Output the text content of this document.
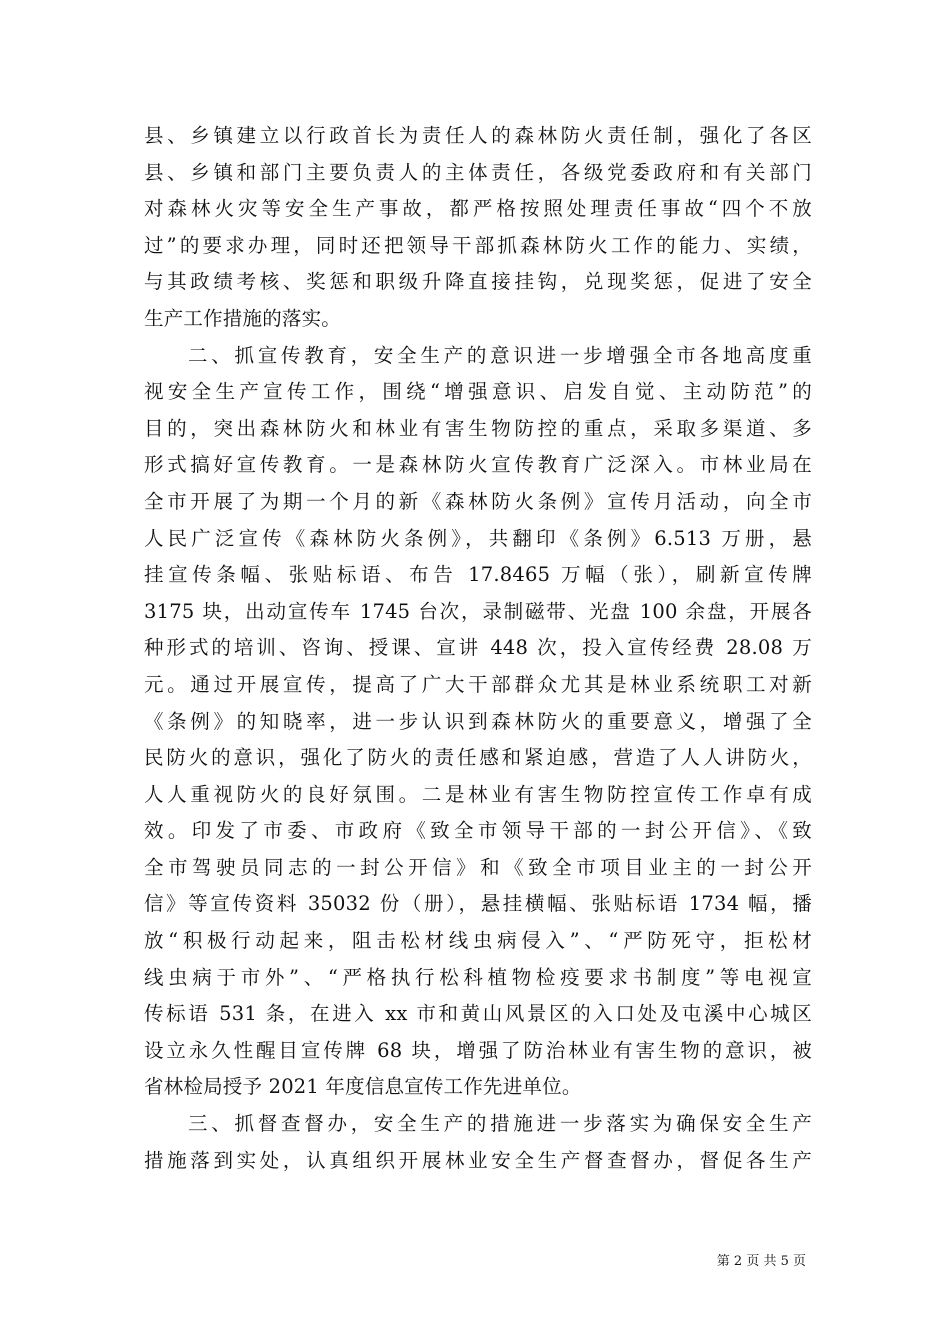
县、乡镇建立以行政首长为责任人的森林防火责任制，强化了各区
县、乡镇和部门主要负责人的主体责任，各级党委政府和有关部门
对森林火灾等安全生产事故，都严格按照处理责任事故“四个不放
过”的要求办理，同时还把领导干部抓森林防火工作的能力、实绩，
与其政绩考核、奖惩和职级升降直接挂钩，兑现奖惩，促进了安全
生产工作措施的落实。
二、抓宣传教育，安全生产的意识进一步增强全市各地高度重
视安全生产宣传工作，围绕“增强意识、启发自觉、主动防范”的
目的，突出森林防火和林业有害生物防控的重点，采取多渠道、多
形式搞好宣传教育。一是森林防火宣传教育广泛深入。市林业局在
全市开展了为期一个月的新《森林防火条例》宣传月活动，向全市
人民广泛宣传《森林防火条例》，共翻印《条例》6.513 万册，悬
挂宣传条幅、张贴标语、布告 17.8465 万幅（张），刷新宣传牌
3175 块，出动宣传车 1745 台次，录制磁带、光盘 100 余盘，开展各
种形式的培训、咨询、授课、宣讲 448 次，投入宣传经费 28.08 万
元。通过开展宣传，提高了广大干部群众尤其是林业系统职工对新
《条例》的知晓率，进一步认识到森林防火的重要意义，增强了全
民防火的意识，强化了防火的责任感和紧迫感，营造了人人讲防火，
人人重视防火的良好氛围。二是林业有害生物防控宣传工作卓有成
效。印发了市委、市政府《致全市领导干部的一封公开信》、《致
全市驾驶员同志的一封公开信》和《致全市项目业主的一封公开
信》等宣传资料 35032 份（册），悬挂横幅、张贴标语 1734 幅，播
放“积极行动起来，阻击松材线虫病侵入”、“严防死守，拒松材
线虫病于市外”、“严格执行松科植物检疫要求书制度”等电视宣
传标语 531 条，在进入 xx 市和黄山风景区的入口处及屯溪中心城区
设立永久性醒目宣传牌 68 块，增强了防治林业有害生物的意识，被
省林检局授予 2021 年度信息宣传工作先进单位。
三、抓督查督办，安全生产的措施进一步落实为确保安全生产
措施落到实处，认真组织开展林业安全生产督查督办，督促各生产
第 2 页 共 5 页
